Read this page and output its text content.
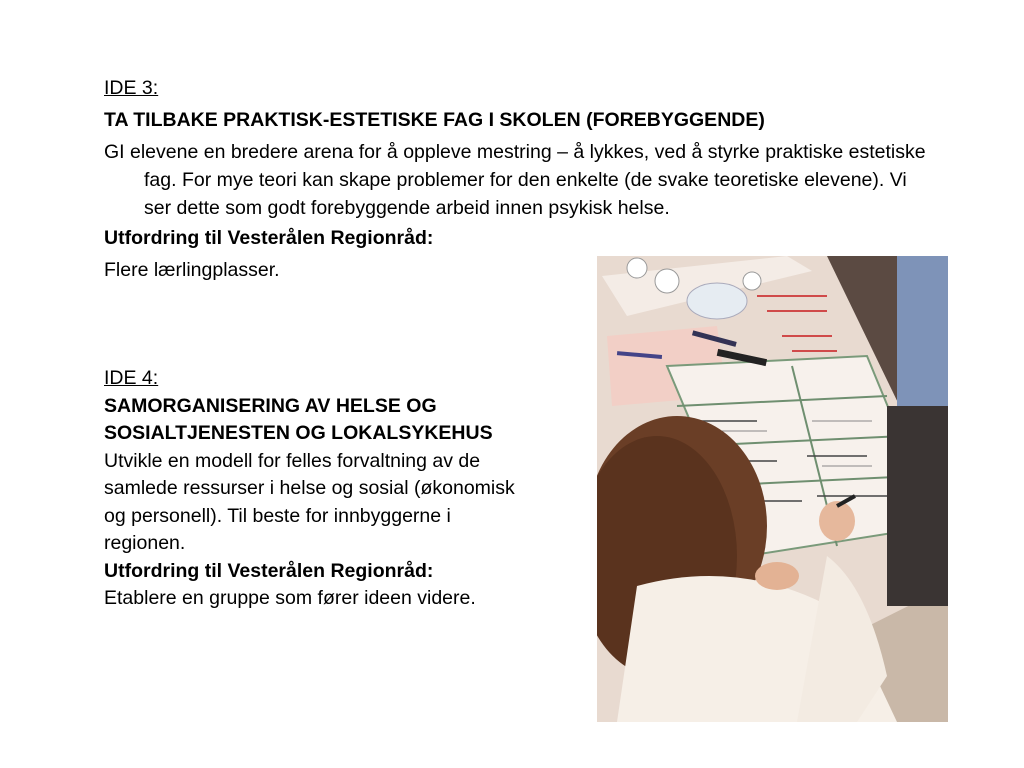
IDE 3:
TA TILBAKE PRAKTISK-ESTETISKE FAG I SKOLEN (FOREBYGGENDE)
GI elevene en bredere arena for å oppleve mestring – å lykkes, ved å styrke praktiske estetiske fag. For mye teori kan skape problemer for den enkelte (de svake teoretiske elevene). Vi ser dette som godt forebyggende arbeid innen psykisk helse.
Utfordring til Vesterålen Regionråd:
Flere lærlingplasser.
IDE 4:
SAMORGANISERING AV HELSE OG
SOSIALTJENESTEN OG LOKALSYKEHUS
Utvikle en modell for felles forvaltning av de
samlede ressurser i helse og sosial (økonomisk
og personell). Til beste for innbyggerne i
regionen.
Utfordring til Vesterålen Regionråd:
Etablere en gruppe som fører ideen videre.
